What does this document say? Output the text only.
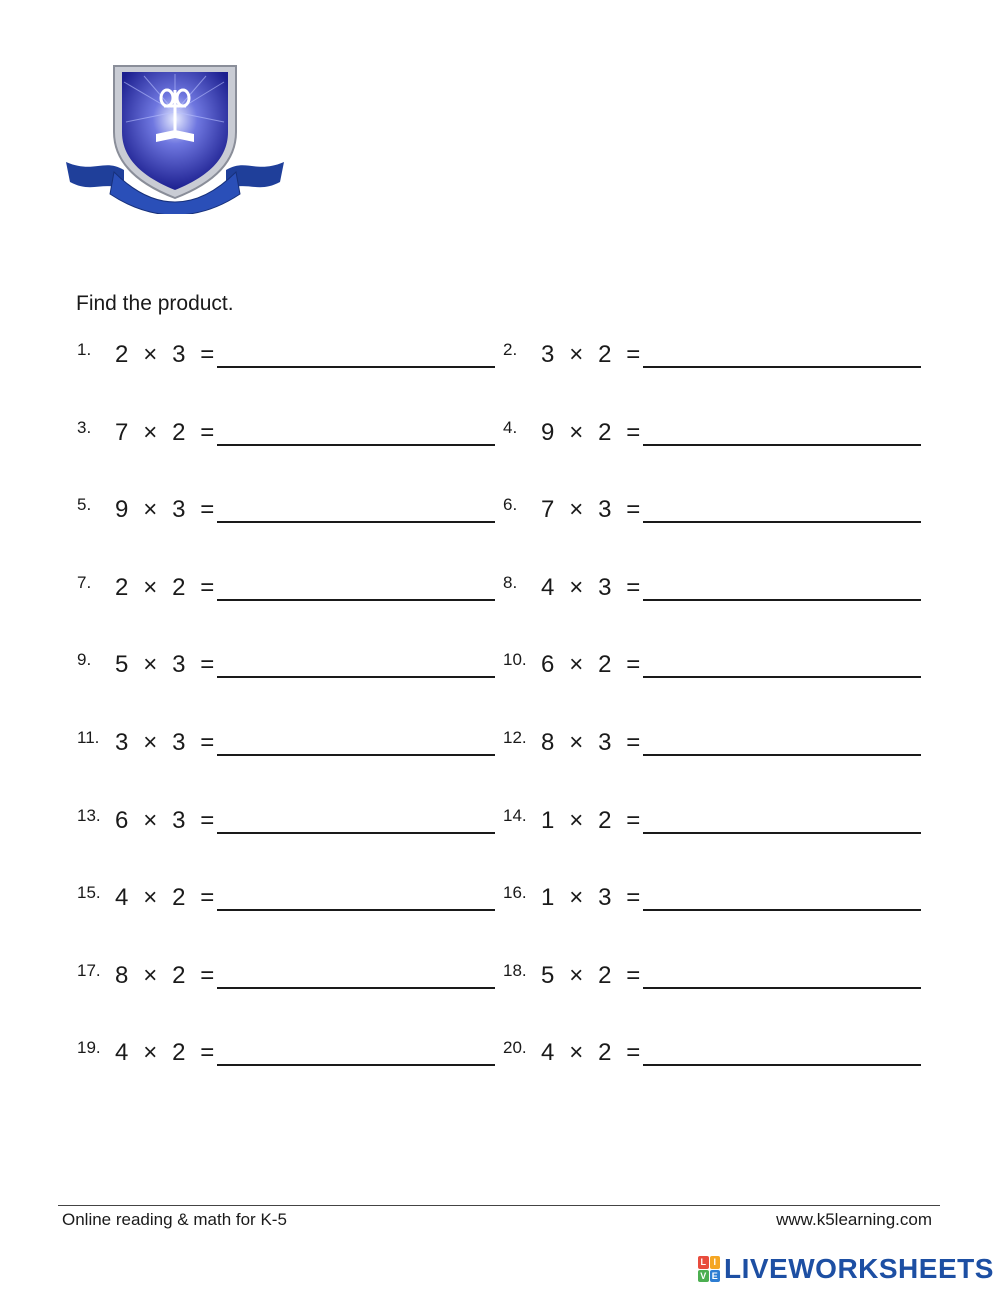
Find the product.
1. 2 × 3 =	2. 3 × 2 =
3. 7 × 2 =	4. 9 × 2 =
5. 9 × 3 =	6. 7 × 3 =
7. 2 × 2 =	8. 4 × 3 =
9. 5 × 3 =	10. 6 × 2 =
11. 3 × 3 =	12. 8 × 3 =
13. 6 × 3 =	14. 1 × 2 =
15. 4 × 2 =	16. 1 × 3 =
17. 8 × 2 =	18. 5 × 2 =
19. 4 × 2 =	20. 4 × 2 =
Online reading & math for K-5	www.k5learning.com
L I
V E LIVEWORKSHEETS
